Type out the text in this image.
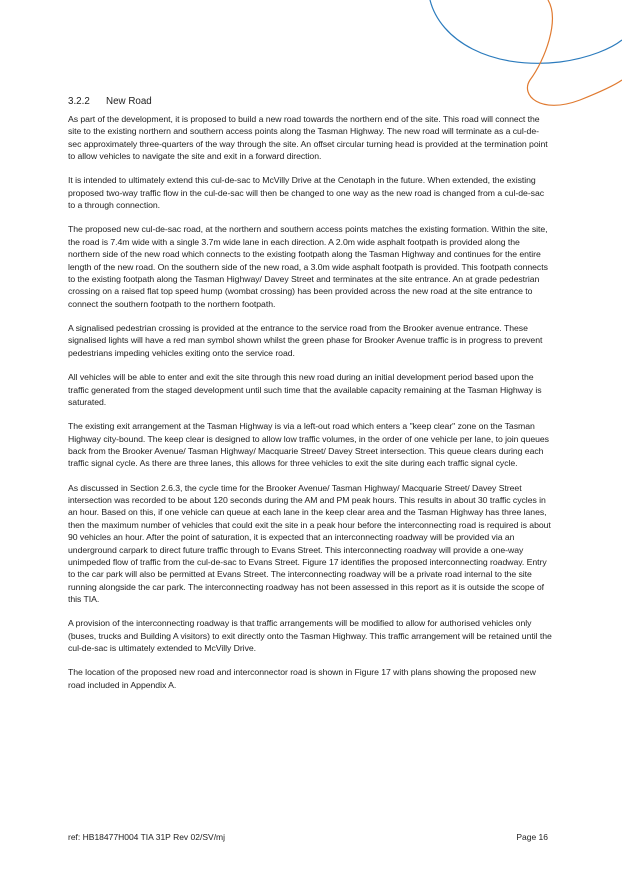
3.2.2 New Road

As part of the development, it is proposed to build a new road towards the northern end of the site. This road will connect the site to the existing northern and southern access points along the Tasman Highway. The new road will terminate as a cul-de-sec approximately three-quarters of the way through the site. An offset circular turning head is provided at the termination point to allow vehicles to navigate the site and exit in a forward direction.

It is intended to ultimately extend this cul-de-sac to McVilly Drive at the Cenotaph in the future. When extended, the existing proposed two-way traffic flow in the cul-de-sac will then be changed to one way as the new road is changed from a cul-de-sac to a through connection.

The proposed new cul-de-sac road, at the northern and southern access points matches the existing formation. Within the site, the road is 7.4m wide with a single 3.7m wide lane in each direction. A 2.0m wide asphalt footpath is provided along the northern side of the new road which connects to the existing footpath along the Tasman Highway and continues for the entire length of the new road. On the southern side of the new road, a 3.0m wide asphalt footpath is provided. This footpath connects to the existing footpath along the Tasman Highway/ Davey Street and terminates at the site entrance. An at grade pedestrian crossing on a raised flat top speed hump (wombat crossing) has been provided across the new road at the site entrance to connect the southern footpath to the northern footpath.

A signalised pedestrian crossing is provided at the entrance to the service road from the Brooker avenue entrance. These signalised lights will have a red man symbol shown whilst the green phase for Brooker Avenue traffic is in progress to prevent pedestrians impeding vehicles exiting onto the service road.

All vehicles will be able to enter and exit the site through this new road during an initial development period based upon the traffic generated from the staged development until such time that the available capacity remaining at the Tasman Highway is saturated.

The existing exit arrangement at the Tasman Highway is via a left-out road which enters a "keep clear" zone on the Tasman Highway city-bound. The keep clear is designed to allow low traffic volumes, in the order of one vehicle per lane, to join queues back from the Brooker Avenue/ Tasman Highway/ Macquarie Street/ Davey Street intersection. This queue clears during each traffic signal cycle. As there are three lanes, this allows for three vehicles to exit the site during each traffic signal cycle.

As discussed in Section 2.6.3, the cycle time for the Brooker Avenue/ Tasman Highway/ Macquarie Street/ Davey Street intersection was recorded to be about 120 seconds during the AM and PM peak hours. This results in about 30 traffic cycles in an hour. Based on this, if one vehicle can queue at each lane in the keep clear area and the Tasman Highway has three lanes, then the maximum number of vehicles that could exit the site in a peak hour before the interconnecting road is required is about 90 vehicles an hour. After the point of saturation, it is expected that an interconnecting roadway will be provided via an underground carpark to direct future traffic through to Evans Street. This interconnecting roadway will provide a one-way unimpeded flow of traffic from the cul-de-sac to Evans Street. Figure 17 identifies the proposed interconnecting roadway. Entry to the car park will also be permitted at Evans Street. The interconnecting roadway will be a private road internal to the site running alongside the car park. The interconnecting roadway has not been assessed in this report as it is outside the scope of this TIA.

A provision of the interconnecting roadway is that traffic arrangements will be modified to allow for authorised vehicles only (buses, trucks and Building A visitors) to exit directly onto the Tasman Highway. This traffic arrangement will be retained until the cul-de-sac is ultimately extended to McVilly Drive.

The location of the proposed new road and interconnector road is shown in Figure 17 with plans showing the proposed new road included in Appendix A.

ref: HB18477H004 TIA 31P Rev 02/SV/mj	Page 16
